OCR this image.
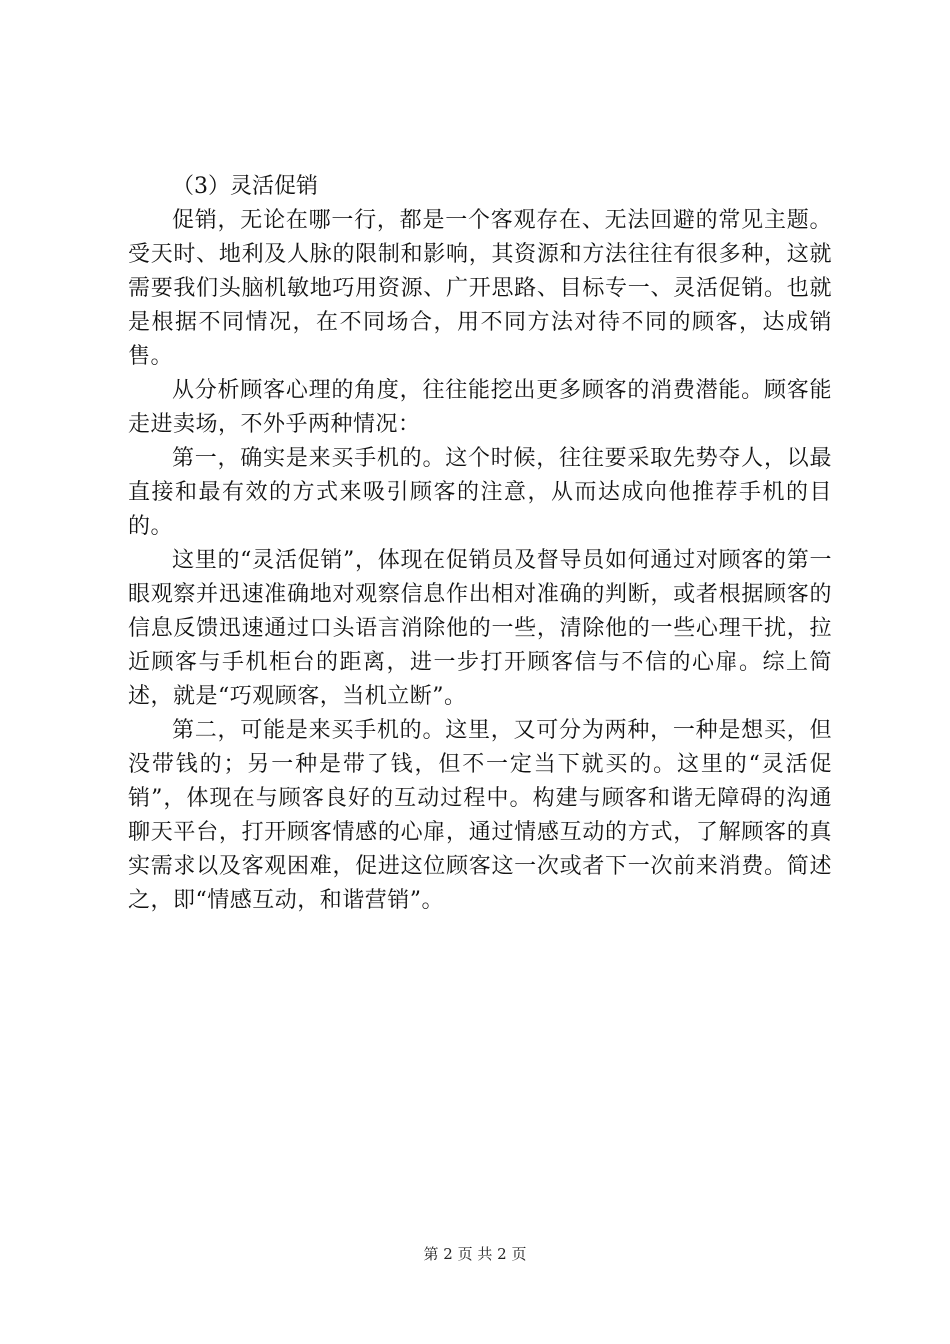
（3）灵活促销

促销，无论在哪一行，都是一个客观存在、无法回避的常见主题。受天时、地利及人脉的限制和影响，其资源和方法往往有很多种，这就需要我们头脑机敏地巧用资源、广开思路、目标专一、灵活促销。也就是根据不同情况，在不同场合，用不同方法对待不同的顾客，达成销售。

从分析顾客心理的角度，往往能挖出更多顾客的消费潜能。顾客能走进卖场，不外乎两种情况：

第一，确实是来买手机的。这个时候，往往要采取先势夺人，以最直接和最有效的方式来吸引顾客的注意，从而达成向他推荐手机的目的。

这里的“灵活促销”，体现在促销员及督导员如何通过对顾客的第一眼观察并迅速准确地对观察信息作出相对准确的判断，或者根据顾客的信息反馈迅速通过口头语言消除他的一些，清除他的一些心理干扰，拉近顾客与手机柜台的距离，进一步打开顾客信与不信的心扉。综上简述，就是“巧观顾客，当机立断”。

第二，可能是来买手机的。这里，又可分为两种，一种是想买，但没带钱的；另一种是带了钱，但不一定当下就买的。这里的“灵活促销”，体现在与顾客良好的互动过程中。构建与顾客和谐无障碍的沟通聊天平台，打开顾客情感的心扉，通过情感互动的方式，了解顾客的真实需求以及客观困难，促进这位顾客这一次或者下一次前来消费。简述之，即“情感互动，和谐营销”。

第 2 页 共 2 页
